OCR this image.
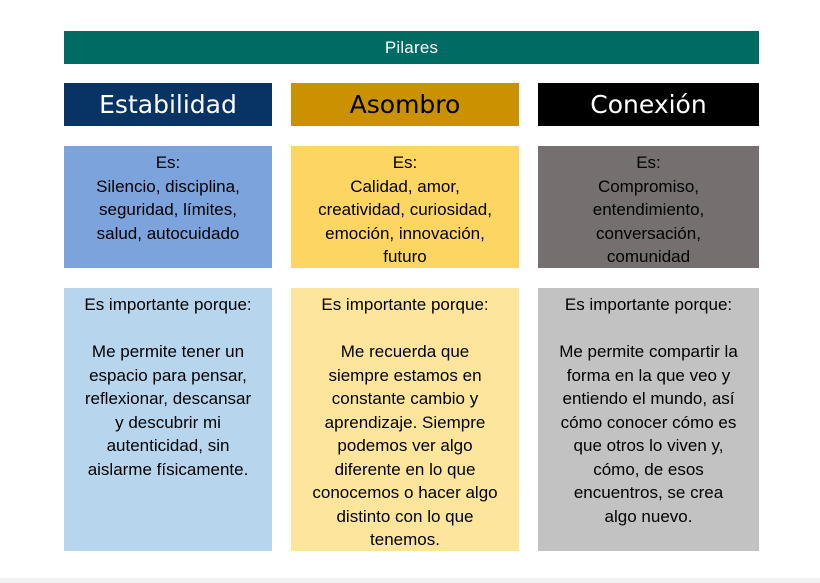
Pilares
Estabilidad
Es:
Silencio, disciplina,
seguridad, límites,
salud, autocuidado
Es importante porque:
Me permite tener un
espacio para pensar,
reflexionar, descansar
y descubrir mi
autenticidad, sin
aislarme físicamente.
Asombro
Es:
Calidad, amor,
creatividad, curiosidad,
emoción, innovación,
futuro
Es importante porque:
Me recuerda que
siempre estamos en
constante cambio y
aprendizaje. Siempre
podemos ver algo
diferente en lo que
conocemos o hacer algo
distinto con lo que
tenemos.
Conexión
Es:
Compromiso,
entendimiento,
conversación,
comunidad
Es importante porque:
Me permite compartir la
forma en la que veo y
entiendo el mundo, así
cómo conocer cómo es
que otros lo viven y,
cómo, de esos
encuentros, se crea
algo nuevo.
